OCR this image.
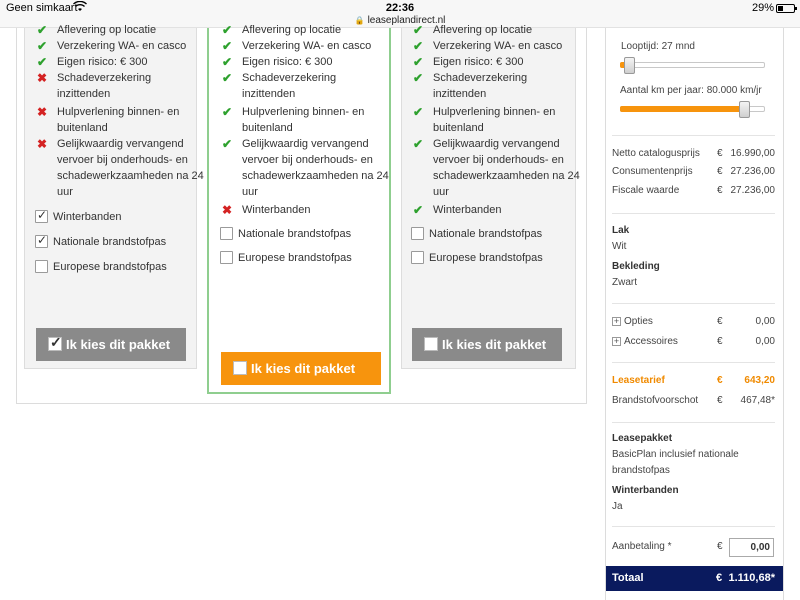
Geen simkaart	22:36
🔒 leaseplandirect.nl
29%
✔ Aflevering op locatie
✔ Verzekering WA- en casco
✔ Eigen risico: € 300
✖ Schadeverzekering
inzittenden
✖ Hulpverlening binnen- en
buitenland
✖ Gelijkwaardig vervangend
vervoer bij onderhouds- en
schadewerkzaamheden na 24
uur
✓
Winterbanden
✓
Nationale brandstofpas
Europese brandstofpas
✓
Ik kies dit pakket
✔ Aflevering op locatie
✔ Verzekering WA- en casco
✔ Eigen risico: € 300
✔ Schadeverzekering
inzittenden
✔ Hulpverlening binnen- en
buitenland
✔ Gelijkwaardig vervangend
vervoer bij onderhouds- en
schadewerkzaamheden na 24
uur
✖ Winterbanden
Nationale brandstofpas
Europese brandstofpas
Ik kies dit pakket
✔ Aflevering op locatie
✔ Verzekering WA- en casco
✔ Eigen risico: € 300
✔ Schadeverzekering
inzittenden
✔ Hulpverlening binnen- en
buitenland
✔ Gelijkwaardig vervangend
vervoer bij onderhouds- en
schadewerkzaamheden na 24
uur
✔ Winterbanden
Nationale brandstofpas
Europese brandstofpas
Ik kies dit pakket
Looptijd: 27 mnd
Aantal km per jaar: 80.000 km/jr
Netto catalogusprijs € 16.990,00
Consumentenprijs € 27.236,00
Fiscale waarde	€ 27.236,00
Lak
Wit
Bekleding
Zwart
+ Opties	€	0,00
+ Accessoires	€	0,00
Leasetarief	€	643,20
Brandstofvoorschot €	467,48*
Leasepakket
BasicPlan inclusief nationale
brandstofpas
Winterbanden
Ja
Aanbetaling *	€
0,00
Totaal	€ 1.110,68*
